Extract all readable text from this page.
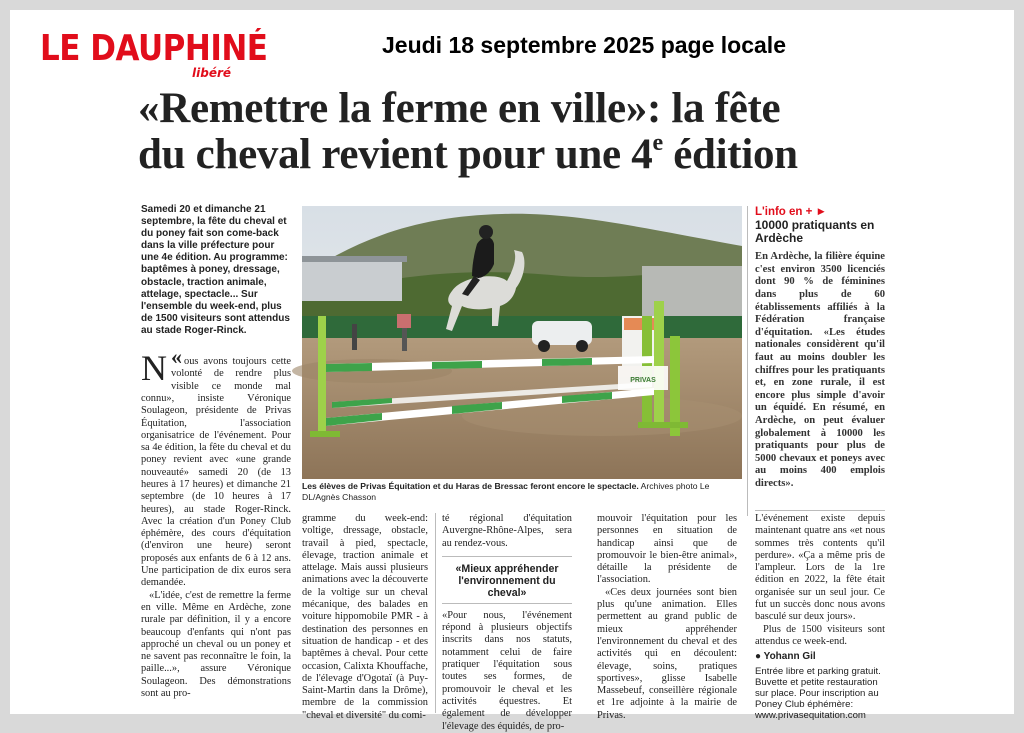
LE DAUPHINÉ
libéré
Jeudi 18 septembre 2025 page locale
«Remettre la ferme en ville»: la fête
du cheval revient pour une 4e édition

Samedi 20 et dimanche 21 septembre, la fête du cheval et du poney fait son come-back dans la ville préfecture pour une 4e édition. Au programme: baptêmes à poney, dressage, obstacle, traction animale, attelage, spectacle... Sur l'ensemble du week-end, plus de 1500 visiteurs sont attendus au stade Roger-Rinck.

«
N ous avons toujours cette volonté de rendre plus visible ce monde mal connu», insiste Véronique Soulageon, présidente de Privas Équitation, l'association organisatrice de l'événement. Pour sa 4e édition, la fête du cheval et du poney revient avec «une grande nouveauté» samedi 20 (de 13 heures à 17 heures) et dimanche 21 septembre (de 10 heures à 17 heures), au stade Roger-Rinck. Avec la création d'un Poney Club éphémère, des cours d'équitation (d'environ une heure) seront proposés aux enfants de 6 à 12 ans. Une participation de dix euros sera demandée.

«L'idée, c'est de remettre la ferme en ville. Même en Ardèche, zone rurale par définition, il y a encore beaucoup d'enfants qui n'ont pas approché un cheval ou un poney et ne savent pas reconnaître le foin, la paille...», assure Véronique Soulageon. Des démonstrations sont au pro-

PRIVAS
Les élèves de Privas Équitation et du Haras de Bressac feront encore le spectacle. Archives photo Le DL/Agnès Chasson

gramme du week-end: voltige, dressage, obstacle, travail à pied, spectacle, élevage, traction animale et attelage. Mais aussi plusieurs animations avec la découverte de la voltige sur un cheval mécanique, des balades en voiture hippomobile PMR - à destination des personnes en situation de handicap - et des baptêmes à cheval. Pour cette occasion, Calixta Khouffache, de l'élevage d'Ogotaï (à Puy-Saint-Martin dans la Drôme), membre de la commission "cheval et diversité" du comi-

té régional d'équitation Auvergne-Rhône-Alpes, sera au rendez-vous.

«Mieux appréhender l'environnement du cheval»

«Pour nous, l'événement répond à plusieurs objectifs inscrits dans nos statuts, notamment celui de faire pratiquer l'équitation sous toutes ses formes, de promouvoir le cheval et les activités équestres. Et également de développer l'élevage des équidés, de pro-

mouvoir l'équitation pour les personnes en situation de handicap ainsi que de promouvoir le bien-être animal», détaille la présidente de l'association.

«Ces deux journées sont bien plus qu'une animation. Elles permettent au grand public de mieux appréhender l'environnement du cheval et des activités qui en découlent: élevage, soins, pratiques sportives», glisse Isabelle Massebeuf, conseillère régionale et 1re adjointe à la mairie de Privas.

L'info en + ►
10000 pratiquants en Ardèche

En Ardèche, la filière équine c'est environ 3500 licenciés dont 90 % de féminines dans plus de 60 établissements affiliés à la Fédération française d'équitation. «Les études nationales considèrent qu'il faut au moins doubler les chiffres pour les pratiquants et, en zone rurale, il est encore plus simple d'avoir un équidé. En résumé, en Ardèche, on peut évaluer globalement à 10000 les pratiquants pour plus de 5000 chevaux et poneys avec au moins 400 emplois directs».

L'événement existe depuis maintenant quatre ans «et nous sommes très contents qu'il perdure». «Ça a même pris de l'ampleur. Lors de la 1re édition en 2022, la fête était organisée sur un seul jour. Ce fut un succès donc nous avons basculé sur deux jours».

Plus de 1500 visiteurs sont attendus ce week-end.

● Yohann Gil
Entrée libre et parking gratuit. Buvette et petite restauration sur place. Pour inscription au Poney Club éphémère: www.privasequitation.com
